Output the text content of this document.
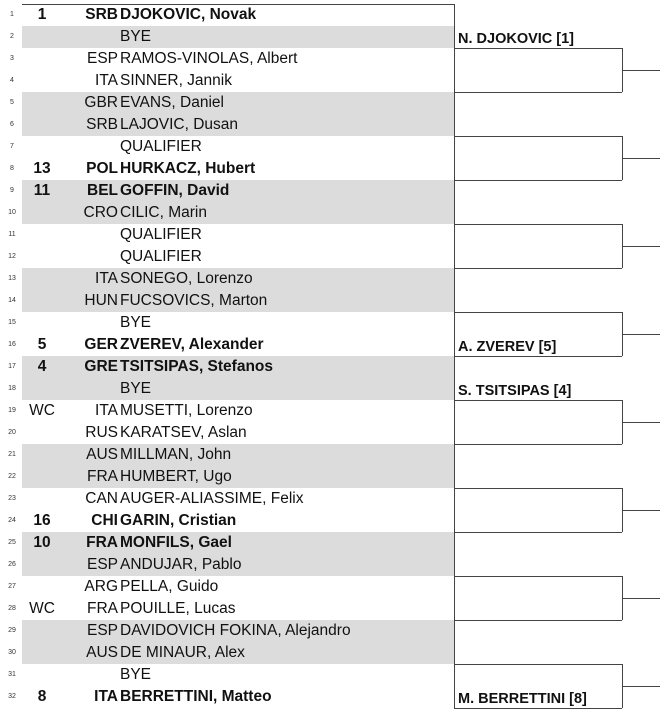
1	1	SRB DJOKOVIC, Novak
2	BYE
3	ESP RAMOS-VINOLAS, Albert
4	ITA SINNER, Jannik
5	GBR EVANS, Daniel
6	SRB LAJOVIC, Dusan
7	QUALIFIER
8	13	POL HURKACZ, Hubert
9	11	BEL GOFFIN, David
10	CRO CILIC, Marin
11	QUALIFIER
12	QUALIFIER
13	ITA SONEGO, Lorenzo
14	HUN FUCSOVICS, Marton
15	BYE
16	5	GER ZVEREV, Alexander
17	4	GRE TSITSIPAS, Stefanos
18	BYE
19 WC	ITA MUSETTI, Lorenzo
20	RUS KARATSEV, Aslan
21	AUS MILLMAN, John
22	FRA HUMBERT, Ugo
23	CAN AUGER-ALIASSIME, Felix
24	16	CHI GARIN, Cristian
25	10	FRA MONFILS, Gael
26	ESP ANDUJAR, Pablo
27	ARG PELLA, Guido
28 WC	FRA POUILLE, Lucas
29	ESP DAVIDOVICH FOKINA, Alejandro
30	AUS DE MINAUR, Alex
31	BYE
32	8	ITA BERRETTINI, Matteo
N. DJOKOVIC [1]
A. ZVEREV [5]
S. TSITSIPAS [4]
M. BERRETTINI [8]
